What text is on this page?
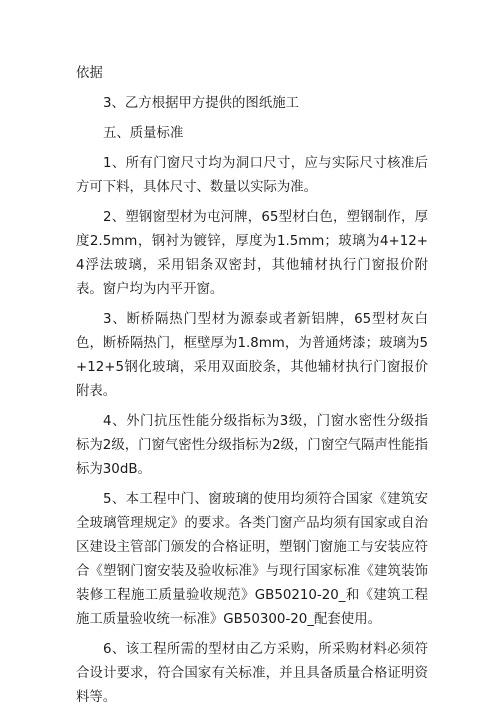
依据

3、乙方根据甲方提供的图纸施工

五、质量标准

1、所有门窗尺寸均为洞口尺寸，应与实际尺寸核准后方可下料，具体尺寸、数量以实际为准。

2、塑钢窗型材为屯河牌，65型材白色，塑钢制作，厚度2.5mm，钢衬为镀锌，厚度为1.5mm；玻璃为4+12+4浮法玻璃，采用铝条双密封，其他辅材执行门窗报价附表。窗户均为内平开窗。

3、断桥隔热门型材为源泰或者新铝牌，65型材灰白色，断桥隔热门，框壁厚为1.8mm，为普通烤漆；玻璃为5+12+5钢化玻璃，采用双面胶条，其他辅材执行门窗报价附表。

4、外门抗压性能分级指标为3级，门窗水密性分级指标为2级，门窗气密性分级指标为2级，门窗空气隔声性能指标为30dB。

5、本工程中门、窗玻璃的使用均须符合国家《建筑安全玻璃管理规定》的要求。各类门窗产品均须有国家或自治区建设主管部门颁发的合格证明，塑钢门窗施工与安装应符合《塑钢门窗安装及验收标准》与现行国家标准《建筑装饰装修工程施工质量验收规范》GB50210-20_和《建筑工程施工质量验收统一标准》GB50300-20_配套使用。

6、该工程所需的型材由乙方采购，所采购材料必须符合设计要求，符合国家有关标准，并且具备质量合格证明资料等。
